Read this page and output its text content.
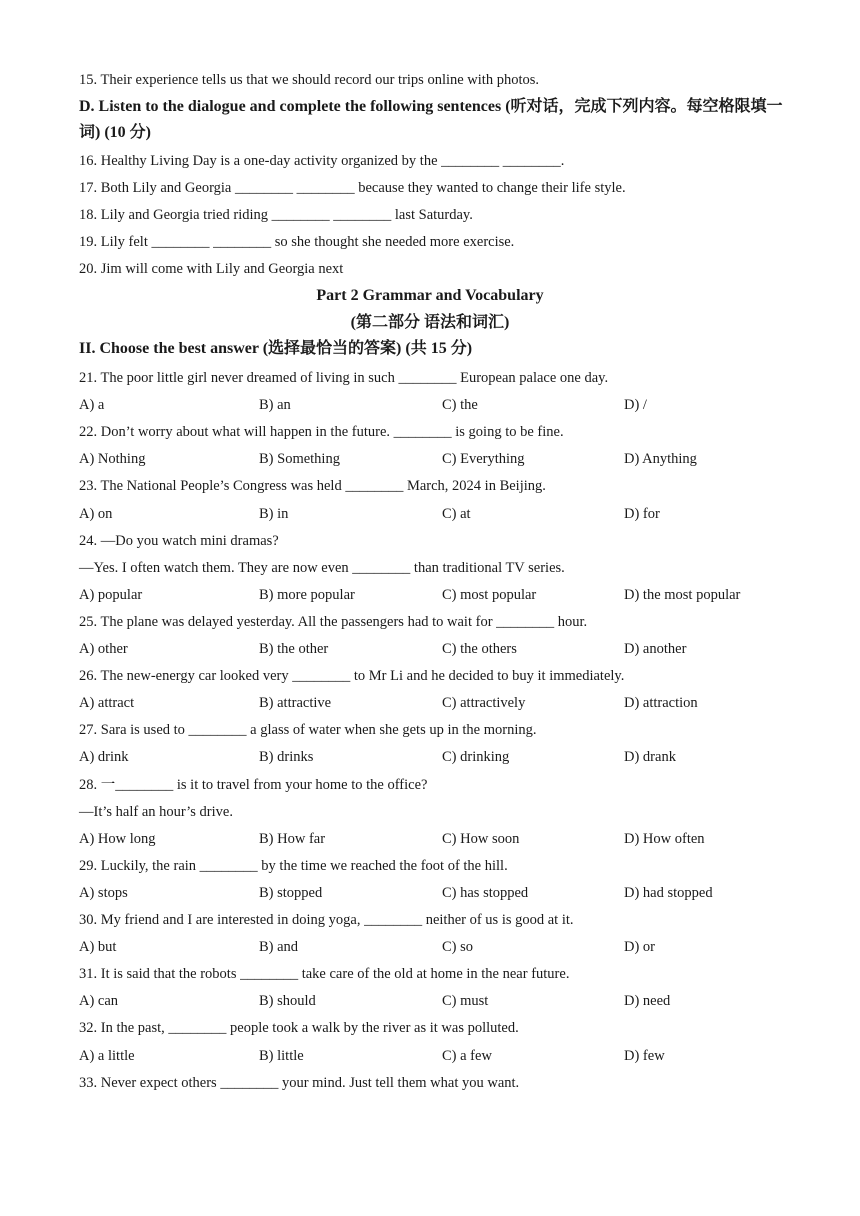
15. Their experience tells us that we should record our trips online with photos.
D. Listen to the dialogue and complete the following sentences (听对话，完成下列内容。每空格限填一词) (10 分)
16. Healthy Living Day is a one-day activity organized by the ________ ________.
17. Both Lily and Georgia ________ ________ because they wanted to change their life style.
18. Lily and Georgia tried riding ________ ________ last Saturday.
19. Lily felt ________ ________ so she thought she needed more exercise.
20. Jim will come with Lily and Georgia next
Part 2 Grammar and Vocabulary
(第二部分 语法和词汇)
II. Choose the best answer (选择最恰当的答案) (共 15 分)
21. The poor little girl never dreamed of living in such ________ European palace one day.
A) a	B) an	C) the	D) /
22. Don’t worry about what will happen in the future. ________ is going to be fine.
A) Nothing	B) Something	C) Everything	D) Anything
23. The National People’s Congress was held ________ March, 2024 in Beijing.
A) on	B) in	C) at	D) for
24. —Do you watch mini dramas?
—Yes. I often watch them. They are now even ________ than traditional TV series.
A) popular	B) more popular	C) most popular	D) the most popular
25. The plane was delayed yesterday. All the passengers had to wait for ________ hour.
A) other	B) the other	C) the others	D) another
26. The new-energy car looked very ________ to Mr Li and he decided to buy it immediately.
A) attract	B) attractive	C) attractively	D) attraction
27. Sara is used to ________ a glass of water when she gets up in the morning.
A) drink	B) drinks	C) drinking	D) drank
28. 一________ is it to travel from your home to the office?
—It’s half an hour’s drive.
A) How long	B) How far	C) How soon	D) How often
29. Luckily, the rain ________ by the time we reached the foot of the hill.
A) stops	B) stopped	C) has stopped	D) had stopped
30. My friend and I are interested in doing yoga, ________ neither of us is good at it.
A) but	B) and	C) so	D) or
31. It is said that the robots ________ take care of the old at home in the near future.
A) can	B) should	C) must	D) need
32. In the past, ________ people took a walk by the river as it was polluted.
A) a little	B) little	C) a few	D) few
33. Never expect others ________ your mind. Just tell them what you want.
